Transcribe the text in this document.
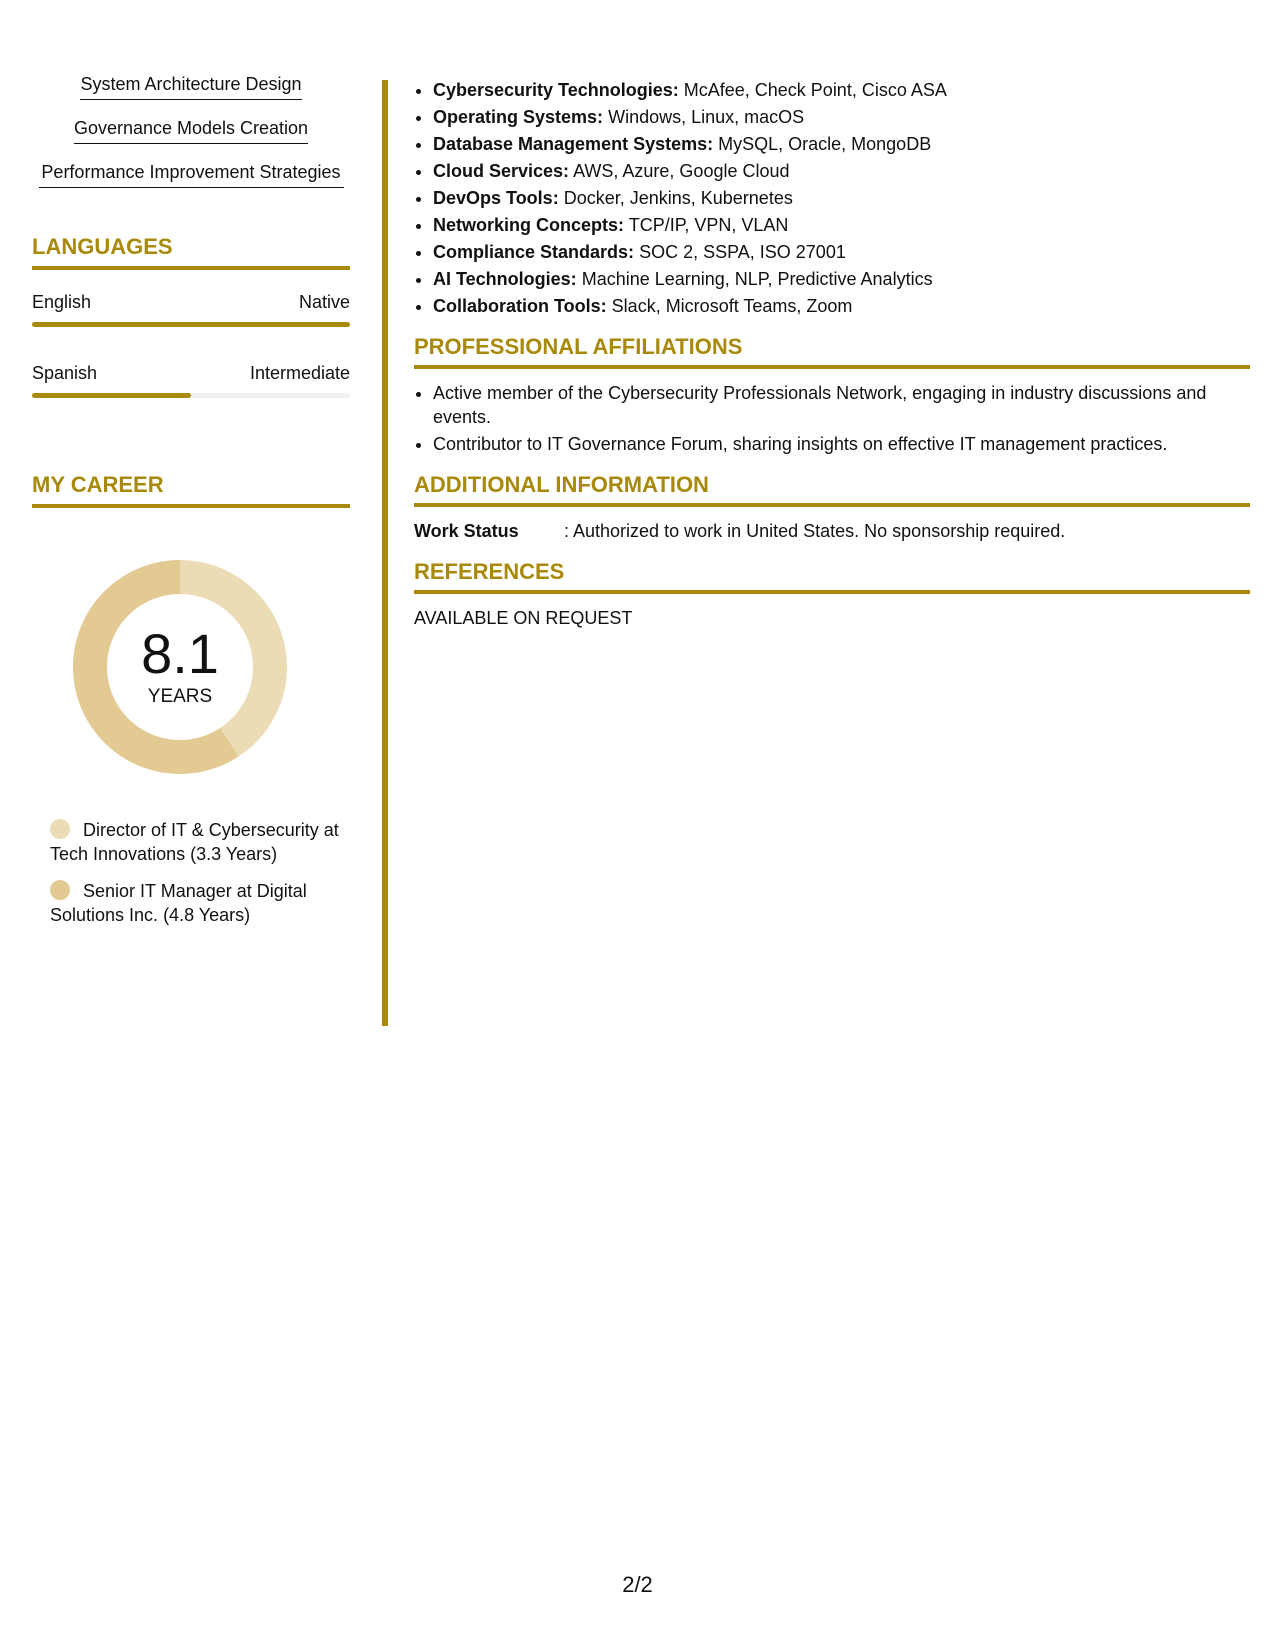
System Architecture Design
Governance Models Creation
Performance Improvement Strategies
LANGUAGES
English	Native
Spanish	Intermediate
MY CAREER
8.1
YEARS
Director of IT & Cybersecurity at Tech Innovations (3.3 Years)
Senior IT Manager at Digital Solutions Inc. (4.8 Years)
• Cybersecurity Technologies: McAfee, Check Point, Cisco ASA
• Operating Systems: Windows, Linux, macOS
• Database Management Systems: MySQL, Oracle, MongoDB
• Cloud Services: AWS, Azure, Google Cloud
• DevOps Tools: Docker, Jenkins, Kubernetes
• Networking Concepts: TCP/IP, VPN, VLAN
• Compliance Standards: SOC 2, SSPA, ISO 27001
• AI Technologies: Machine Learning, NLP, Predictive Analytics
• Collaboration Tools: Slack, Microsoft Teams, Zoom
PROFESSIONAL AFFILIATIONS
• Active member of the Cybersecurity Professionals Network, engaging in industry discussions and events.
• Contributor to IT Governance Forum, sharing insights on effective IT management practices.
ADDITIONAL INFORMATION
Work Status	: Authorized to work in United States. No sponsorship required.
REFERENCES
AVAILABLE ON REQUEST
2/2
